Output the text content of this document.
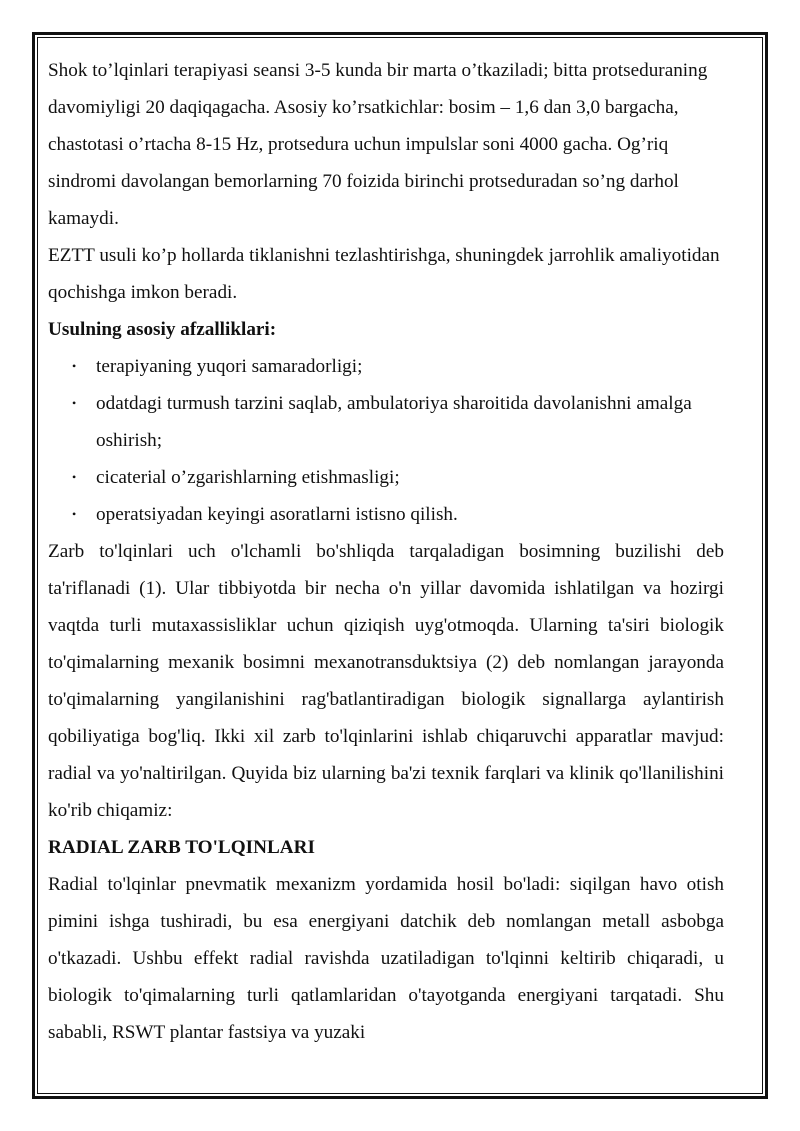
Shok to’lqinlari terapiyasi seansi 3-5 kunda bir marta o’tkaziladi; bitta protseduraning davomiyligi 20 daqiqagacha. Asosiy ko’rsatkichlar: bosim – 1,6 dan 3,0 bargacha, chastotasi o’rtacha 8-15 Hz, protsedura uchun impulslar soni 4000 gacha. Og’riq sindromi davolangan bemorlarning 70 foizida birinchi protseduradan so’ng darhol kamaydi.

EZTT usuli ko’p hollarda tiklanishni tezlashtirishga, shuningdek jarrohlik amaliyotidan qochishga imkon beradi.

Usulning asosiy afzalliklari:

• terapiyaning yuqori samaradorligi;
• odatdagi turmush tarzini saqlab, ambulatoriya sharoitida davolanishni amalga oshirish;
• cicaterial o’zgarishlarning etishmasligi;
• operatsiyadan keyingi asoratlarni istisno qilish.

Zarb to'lqinlari uch o'lchamli bo'shliqda tarqaladigan bosimning buzilishi deb ta'riflanadi (1). Ular tibbiyotda bir necha o'n yillar davomida ishlatilgan va hozirgi vaqtda turli mutaxassisliklar uchun qiziqish uyg'otmoqda. Ularning ta'siri biologik to'qimalarning mexanik bosimni mexanotransduktsiya (2) deb nomlangan jarayonda to'qimalarning yangilanishini rag'batlantiradigan biologik signallarga aylantirish qobiliyatiga bog'liq. Ikki xil zarb to'lqinlarini ishlab chiqaruvchi apparatlar mavjud: radial va yo'naltirilgan. Quyida biz ularning ba'zi texnik farqlari va klinik qo'llanilishini ko'rib chiqamiz:

RADIAL ZARB TO'LQINLARI

Radial to'lqinlar pnevmatik mexanizm yordamida hosil bo'ladi: siqilgan havo otish pimini ishga tushiradi, bu esa energiyani datchik deb nomlangan metall asbobga o'tkazadi. Ushbu effekt radial ravishda uzatiladigan to'lqinni keltirib chiqaradi, u biologik to'qimalarning turli qatlamlaridan o'tayotganda energiyani tarqatadi. Shu sababli, RSWT plantar fastsiya va yuzaki
